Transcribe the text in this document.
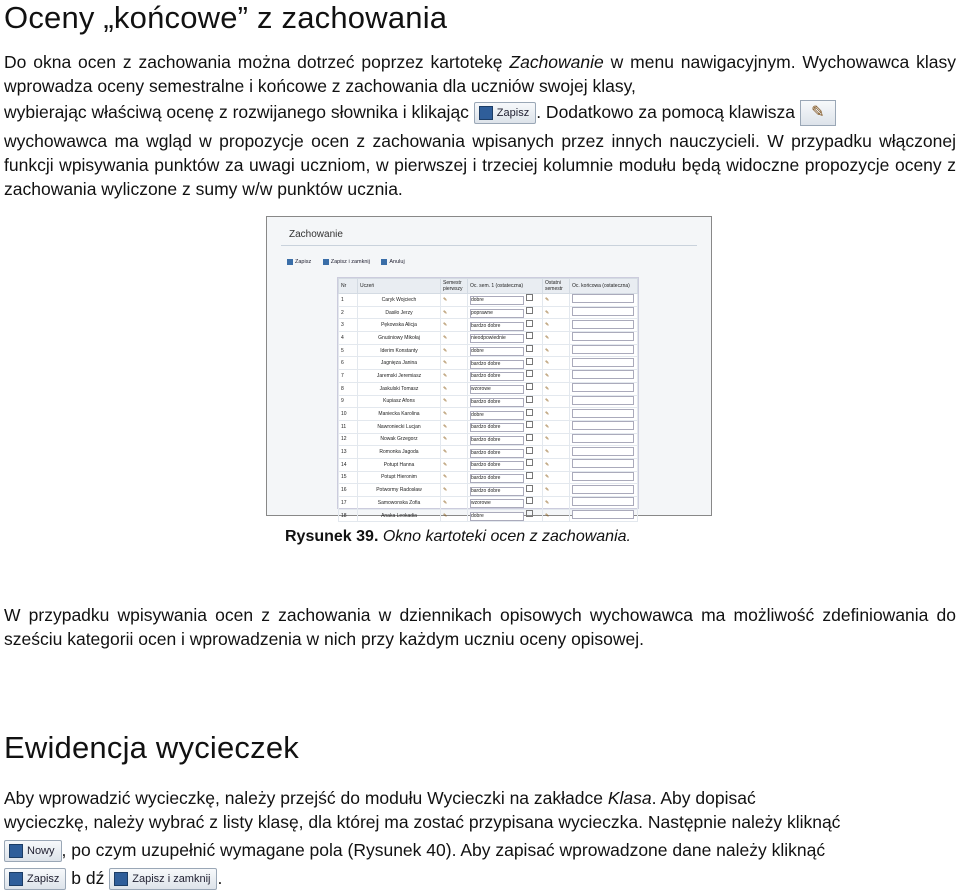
Oceny „końcowe” z zachowania

Do okna ocen z zachowania można dotrzeć poprzez kartotekę Zachowanie w menu nawigacyjnym. Wychowawca klasy wprowadza oceny semestralne i końcowe z zachowania dla uczniów swojej klasy,

wybierając właściwą ocenę z rozwijanego słownika i klikając	Zapisz . Dodatkowo za pomocą klawisza ✎

wychowawca ma wgląd w propozycje ocen z zachowania wpisanych przez innych nauczycieli. W przypadku włączonej funkcji wpisywania punktów za uwagi uczniom, w pierwszej i trzeciej kolumnie modułu będą widoczne propozycje oceny z zachowania wyliczone z sumy w/w punktów ucznia.

Zachowanie
Zapisz	Zapisz i zamknij	Anuluj
Nr	Uczeń	Semestr pierwszy	Oc. sem. 1 (ostateczna)	Ostatni semestr	Oc. końcowa (ostateczna)
1	Caryk Wojciech	✎	dobre	✎	
2	Dasiło Jerzy	✎	poprawne	✎	
3	Pękowska Alicja	✎	bardzo dobre	✎	
4	Gnuśniowy Mikołaj	✎	nieodpowiednie	✎	
5	Iderim Konstanty	✎	dobre	✎	
6	Jagnięza Janina	✎	bardzo dobre	✎	
7	Jaremski Jeremiasz	✎	bardzo dobre	✎	
8	Jaskulski Tomasz	✎	wzorowe	✎	
9	Kupiasz Afons	✎	bardzo dobre	✎	
10	Maniecka Karolina	✎	dobre	✎	
11	Nawroniecki Lucjan	✎	bardzo dobre	✎	
12	Nowak Grzegorz	✎	bardzo dobre	✎	
13	Romonka Jagoda	✎	bardzo dobre	✎	
14	Potupt Hanna	✎	bardzo dobre	✎	
15	Potupt Hieronim	✎	bardzo dobre	✎	
16	Potwormy Radosław	✎	bardzo dobre	✎	
17	Samowonska Zofia	✎	wzorowe	✎	
18	Anaka Leokadia	✎	dobre	✎	
Rysunek 39. Okno kartoteki ocen z zachowania.

W przypadku wpisywania ocen z zachowania w dziennikach opisowych wychowawca ma możliwość zdefiniowania do sześciu kategorii ocen i wprowadzenia w nich przy każdym uczniu oceny opisowej.

Ewidencja wycieczek

Aby wprowadzić wycieczkę, należy przejść do modułu Wycieczki na zakładce Klasa. Aby dopisać

wycieczkę, należy wybrać z listy klasę, dla której ma zostać przypisana wycieczka. Następnie należy kliknąć
Nowy , po czym uzupełnić wymagane pola (Rysunek 40). Aby zapisać wprowadzone dane należy kliknąć
Zapisz b dź	Zapisz i zamknij .
